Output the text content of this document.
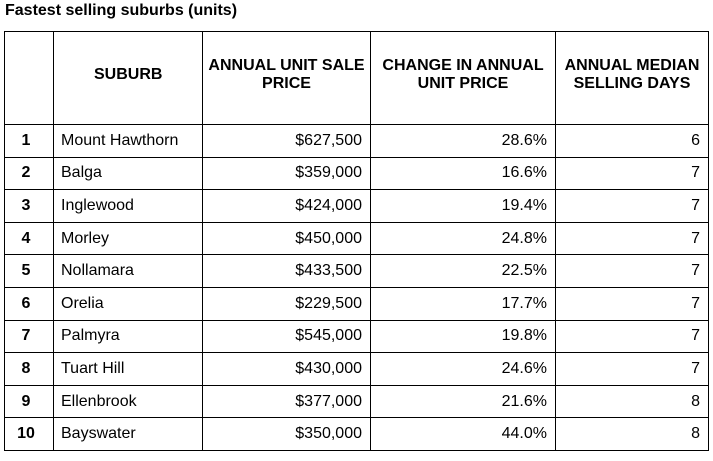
Fastest selling suburbs (units)
	SUBURB	ANNUAL UNIT SALE PRICE	CHANGE IN ANNUAL UNIT PRICE	ANNUAL MEDIAN SELLING DAYS
1	Mount Hawthorn	$627,500	28.6%	6
2	Balga	$359,000	16.6%	7
3	Inglewood	$424,000	19.4%	7
4	Morley	$450,000	24.8%	7
5	Nollamara	$433,500	22.5%	7
6	Orelia	$229,500	17.7%	7
7	Palmyra	$545,000	19.8%	7
8	Tuart Hill	$430,000	24.6%	7
9	Ellenbrook	$377,000	21.6%	8
10	Bayswater	$350,000	44.0%	8
